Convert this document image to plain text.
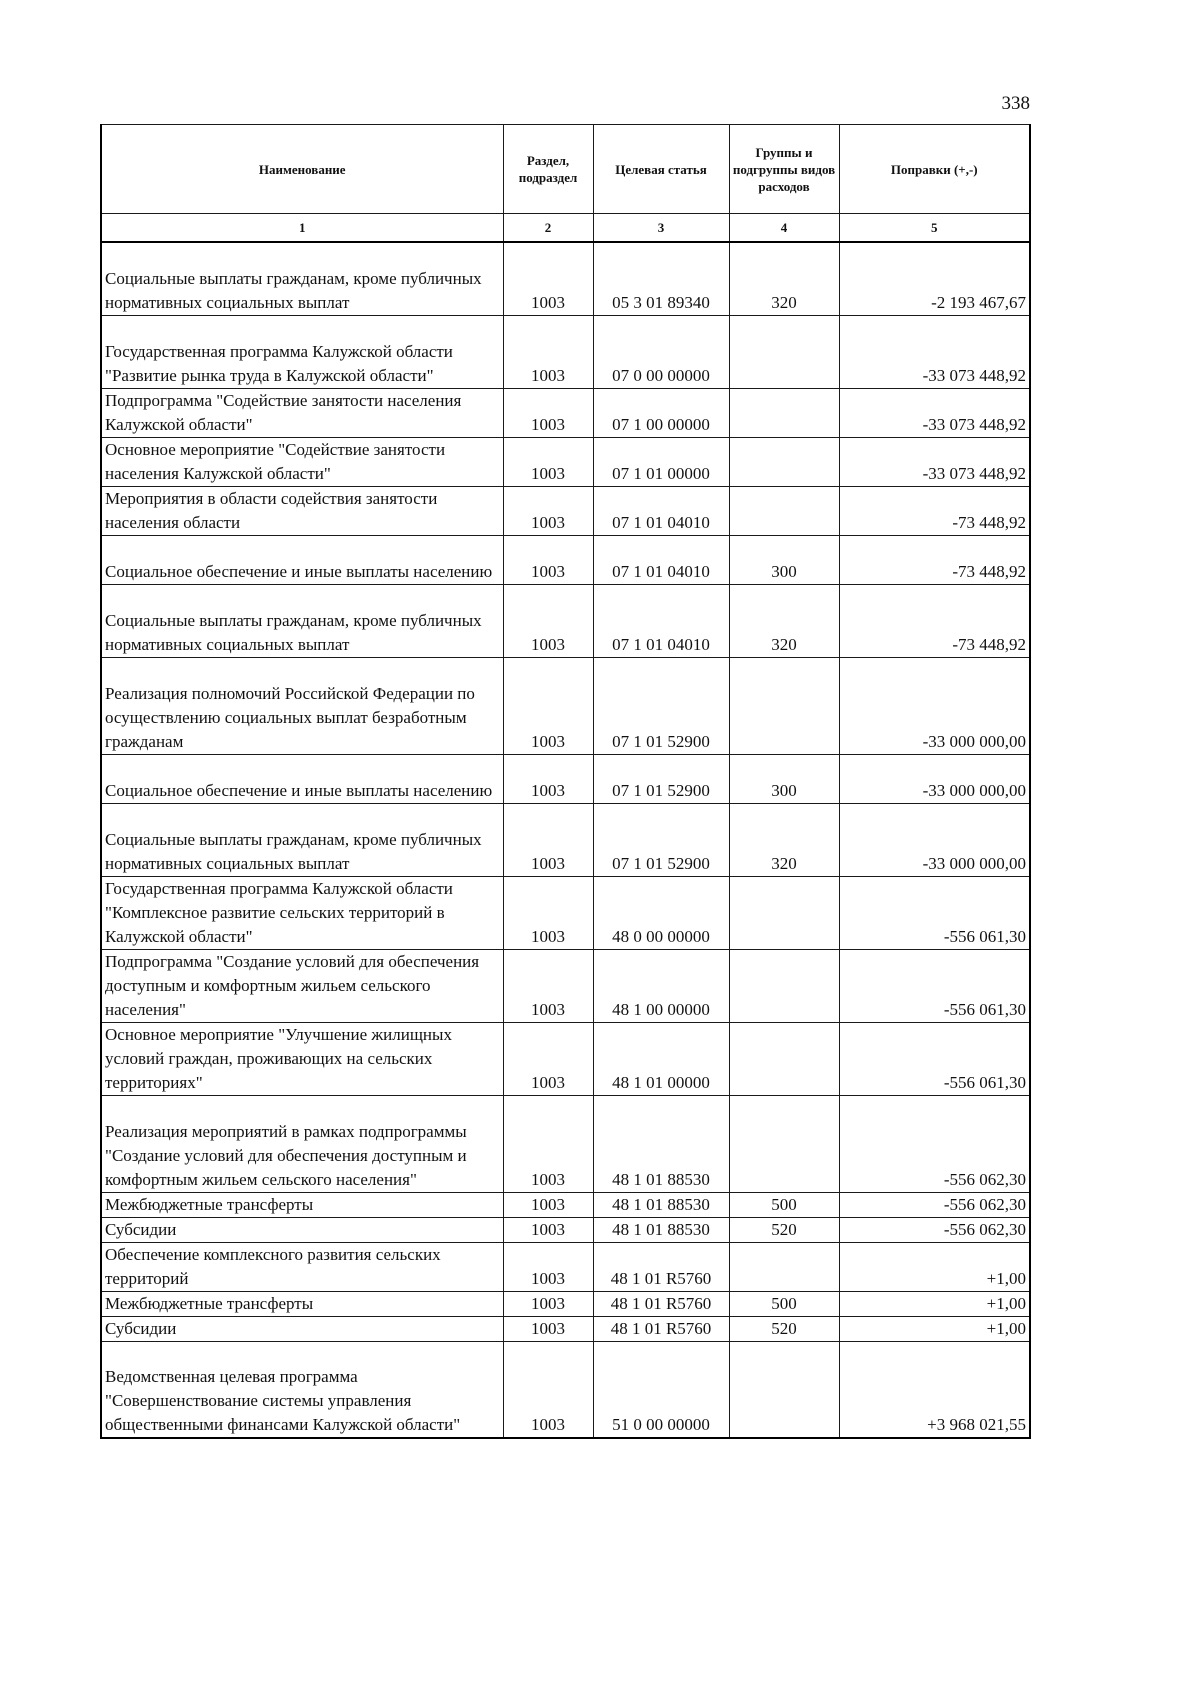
338
Наименование	Раздел, подраздел	Целевая статья	Группы и подгруппы видов расходов	Поправки (+,-)
1	2	3	4	5
Социальные выплаты гражданам, кроме публичных нормативных социальных выплат	1003	05 3 01 89340	320	-2 193 467,67
Государственная программа Калужской области "Развитие рынка труда в Калужской области"	1003	07 0 00 00000		-33 073 448,92
Подпрограмма "Содействие занятости населения Калужской области"	1003	07 1 00 00000		-33 073 448,92
Основное мероприятие "Содействие занятости населения Калужской области"	1003	07 1 01 00000		-33 073 448,92
Мероприятия в области содействия занятости населения области	1003	07 1 01 04010		-73 448,92
Социальное обеспечение и иные выплаты населению	1003	07 1 01 04010	300	-73 448,92
Социальные выплаты гражданам, кроме публичных нормативных социальных выплат	1003	07 1 01 04010	320	-73 448,92
Реализация полномочий Российской Федерации по осуществлению социальных выплат безработным гражданам	1003	07 1 01 52900		-33 000 000,00
Социальное обеспечение и иные выплаты населению	1003	07 1 01 52900	300	-33 000 000,00
Социальные выплаты гражданам, кроме публичных нормативных социальных выплат	1003	07 1 01 52900	320	-33 000 000,00
Государственная программа Калужской области "Комплексное развитие сельских территорий в Калужской области"	1003	48 0 00 00000		-556 061,30
Подпрограмма "Создание условий для обеспечения доступным и комфортным жильем сельского населения"	1003	48 1 00 00000		-556 061,30
Основное мероприятие "Улучшение жилищных условий граждан, проживающих на сельских территориях"	1003	48 1 01 00000		-556 061,30
Реализация мероприятий в рамках подпрограммы "Создание условий для обеспечения доступным и комфортным жильем сельского населения"	1003	48 1 01 88530		-556 062,30
Межбюджетные трансферты	1003	48 1 01 88530	500	-556 062,30
Субсидии	1003	48 1 01 88530	520	-556 062,30
Обеспечение комплексного развития сельских территорий	1003	48 1 01 R5760		+1,00
Межбюджетные трансферты	1003	48 1 01 R5760	500	+1,00
Субсидии	1003	48 1 01 R5760	520	+1,00
Ведомственная целевая программа "Совершенствование системы управления общественными финансами Калужской области"	1003	51 0 00 00000		+3 968 021,55
